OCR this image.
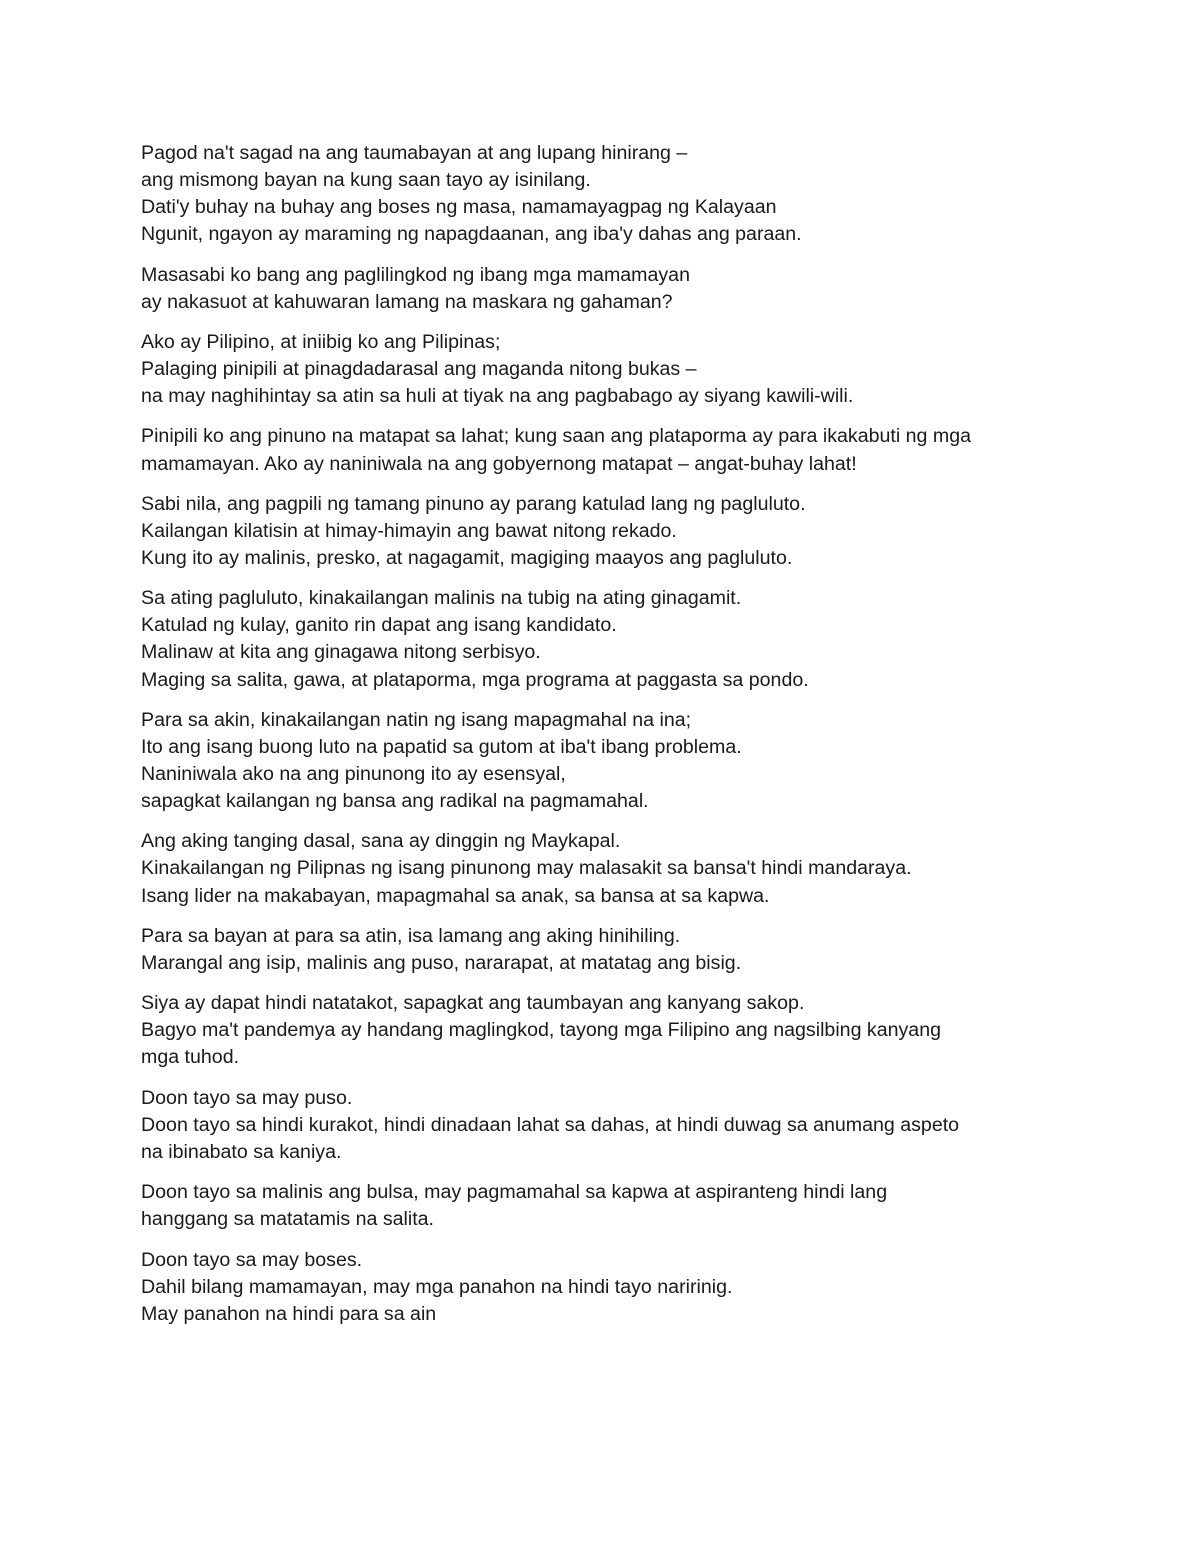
Pagod na't sagad na ang taumabayan at ang lupang hinirang –
ang mismong bayan na kung saan tayo ay isinilang.
Dati'y buhay na buhay ang boses ng masa, namamayagpag ng Kalayaan
Ngunit, ngayon ay maraming ng napagdaanan, ang iba'y dahas ang paraan.
Masasabi ko bang ang paglilingkod ng ibang mga mamamayan
ay nakasuot at kahuwaran lamang na maskara ng gahaman?
Ako ay Pilipino, at iniibig ko ang Pilipinas;
Palaging pinipili at pinagdadarasal ang maganda nitong bukas –
na may naghihintay sa atin sa huli at tiyak na ang pagbabago ay siyang kawili-wili.
Pinipili ko ang pinuno na matapat sa lahat; kung saan ang plataporma ay para ikakabuti ng mga
mamamayan. Ako ay naniniwala na ang gobyernong matapat – angat-buhay lahat!
Sabi nila, ang pagpili ng tamang pinuno ay parang katulad lang ng pagluluto.
Kailangan kilatisin at himay-himayin ang bawat nitong rekado.
Kung ito ay malinis, presko, at nagagamit, magiging maayos ang pagluluto.
Sa ating pagluluto, kinakailangan malinis na tubig na ating ginagamit.
Katulad ng kulay, ganito rin dapat ang isang kandidato.
Malinaw at kita ang ginagawa nitong serbisyo.
Maging sa salita, gawa, at plataporma, mga programa at paggasta sa pondo.
Para sa akin, kinakailangan natin ng isang mapagmahal na ina;
Ito ang isang buong luto na papatid sa gutom at iba't ibang problema.
Naniniwala ako na ang pinunong ito ay esensyal,
sapagkat kailangan ng bansa ang radikal na pagmamahal.
Ang aking tanging dasal, sana ay dinggin ng Maykapal.
Kinakailangan ng Pilipnas ng isang pinunong may malasakit sa bansa't hindi mandaraya.
Isang lider na makabayan, mapagmahal sa anak, sa bansa at sa kapwa.
Para sa bayan at para sa atin, isa lamang ang aking hinihiling.
Marangal ang isip, malinis ang puso, nararapat, at matatag ang bisig.
Siya ay dapat hindi natatakot, sapagkat ang taumbayan ang kanyang sakop.
Bagyo ma't pandemya ay handang maglingkod, tayong mga Filipino ang nagsilbing kanyang
mga tuhod.
Doon tayo sa may puso.
Doon tayo sa hindi kurakot, hindi dinadaan lahat sa dahas, at hindi duwag sa anumang aspeto
na ibinabato sa kaniya.
Doon tayo sa malinis ang bulsa, may pagmamahal sa kapwa at aspiranteng hindi lang
hanggang sa matatamis na salita.
Doon tayo sa may boses.
Dahil bilang mamamayan, may mga panahon na hindi tayo naririnig.
May panahon na hindi para sa ain
